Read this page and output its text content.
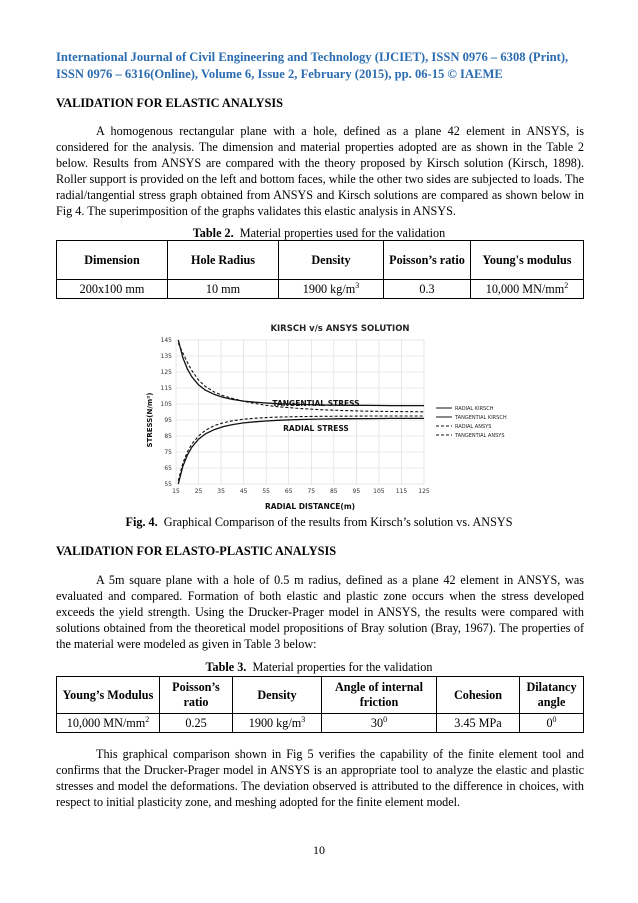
International Journal of Civil Engineering and Technology (IJCIET), ISSN 0976 – 6308 (Print),
ISSN 0976 – 6316(Online), Volume 6, Issue 2, February (2015), pp. 06-15 © IAEME
VALIDATION FOR ELASTIC ANALYSIS

A homogenous rectangular plane with a hole, defined as a plane 42 element in ANSYS, is considered for the analysis. The dimension and material properties adopted are as shown in the Table 2 below. Results from ANSYS are compared with the theory proposed by Kirsch solution (Kirsch, 1898). Roller support is provided on the left and bottom faces, while the other two sides are subjected to loads. The radial/tangential stress graph obtained from ANSYS and Kirsch solutions are compared as shown below in Fig 4. The superimposition of the graphs validates this elastic analysis in ANSYS.

Table 2. Material properties used for the validation
Dimension	Hole Radius	Density	Poisson’s ratio	Young's modulus
200x100 mm	10 mm	1900 $kg/m^3$	0.3	10,000 $MN/mm^2$
KIRSCH v/s ANSYS SOLUTION
55
65
75
85
95
105
115
125
135
145
15 25 35 45 55 65 75 85 95 105 115 125
TANGENTIAL STRESS
RADIAL STRESS
RADIAL DISTANCE(m)
STRESS(N/m²)	RADIAL KIRSCH
TANGENTIAL KIRSCH
RADIAL ANSYS
TANGENTIAL ANSYS
Fig. 4. Graphical Comparison of the results from Kirsch’s solution vs. ANSYS
VALIDATION FOR ELASTO-PLASTIC ANALYSIS

A 5m square plane with a hole of 0.5 m radius, defined as a plane 42 element in ANSYS, was evaluated and compared. Formation of both elastic and plastic zone occurs when the stress developed exceeds the yield strength. Using the Drucker-Prager model in ANSYS, the results were compared with solutions obtained from the theoretical model propositions of Bray solution (Bray, 1967). The properties of the material were modeled as given in Table 3 below:

Table 3. Material properties for the validation
Young’s Modulus	Poisson’s ratio	Density	Angle of internal friction	Cohesion	Dilatancy angle
10,000 $MN/mm^2$	0.25	1900 $kg/m^3$	$30^0$	3.45 MPa	$0^0$

This graphical comparison shown in Fig 5 verifies the capability of the finite element tool and confirms that the Drucker-Prager model in ANSYS is an appropriate tool to analyze the elastic and plastic stresses and model the deformations. The deviation observed is attributed to the difference in choices, with respect to initial plasticity zone, and meshing adopted for the finite element model.

10
